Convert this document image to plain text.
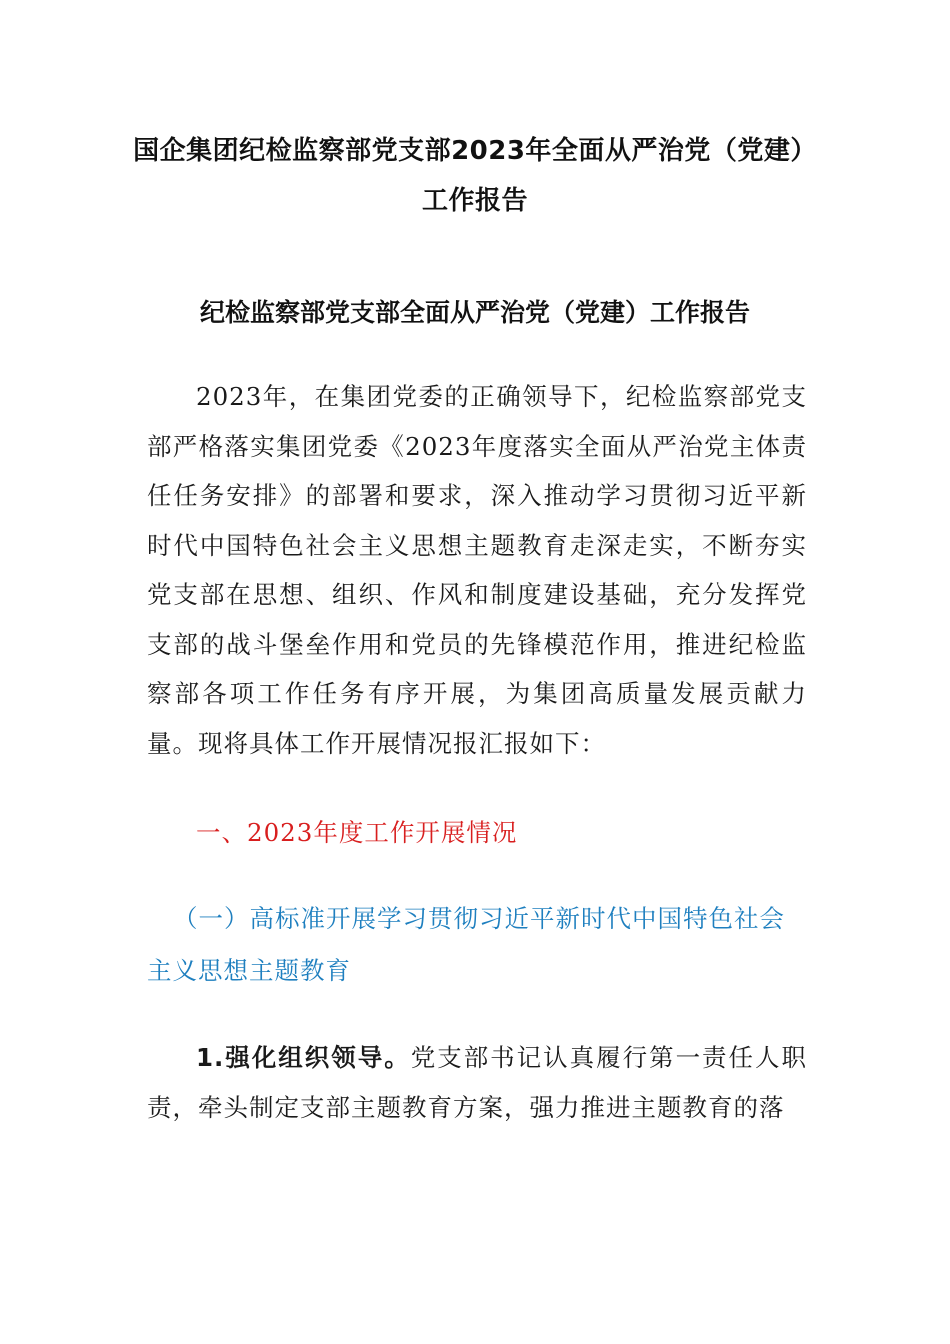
国企集团纪检监察部党支部2023年全面从严治党（党建）
工作报告
纪检监察部党支部全面从严治党（党建）工作报告
2023年，在集团党委的正确领导下，纪检监察部党支部严格落实集团党委《2023年度落实全面从严治党主体责任任务安排》的部署和要求，深入推动学习贯彻习近平新时代中国特色社会主义思想主题教育走深走实，不断夯实党支部在思想、组织、作风和制度建设基础，充分发挥党支部的战斗堡垒作用和党员的先锋模范作用，推进纪检监察部各项工作任务有序开展，为集团高质量发展贡献力量。现将具体工作开展情况报汇报如下：
一、2023年度工作开展情况
（一）高标准开展学习贯彻习近平新时代中国特色社会主义思想主题教育
1.强化组织领导。党支部书记认真履行第一责任人职责，牵头制定支部主题教育方案，强力推进主题教育的落
